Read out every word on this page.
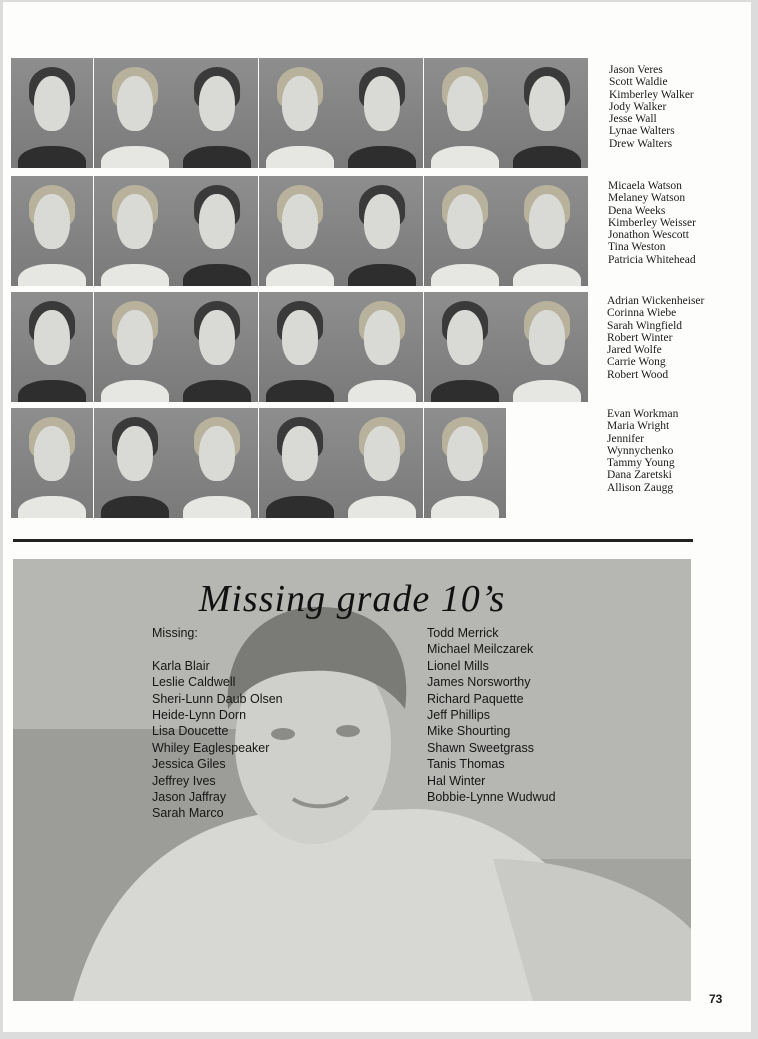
Jason Veres
Scott Waldie
Kimberley Walker
Jody Walker
Jesse Wall
Lynae Walters
Drew Walters
Micaela Watson
Melaney Watson
Dena Weeks
Kimberley Weisser
Jonathon Wescott
Tina Weston
Patricia Whitehead
Adrian Wickenheiser
Corinna Wiebe
Sarah Wingfield
Robert Winter
Jared Wolfe
Carrie Wong
Robert Wood
Evan Workman
Maria Wright
Jennifer
Wynnychenko
Tammy Young
Dana Zaretski
Allison Zaugg
Missing grade 10’s
Missing:
Karla Blair
Leslie Caldwell
Sheri-Lunn Daub Olsen
Heide-Lynn Dorn
Lisa Doucette
Whiley Eaglespeaker
Jessica Giles
Jeffrey Ives
Jason Jaffray
Sarah Marco
Todd Merrick
Michael Meilczarek
Lionel Mills
James Norsworthy
Richard Paquette
Jeff Phillips
Mike Shourting
Shawn Sweetgrass
Tanis Thomas
Hal Winter
Bobbie-Lynne Wudwud
73
